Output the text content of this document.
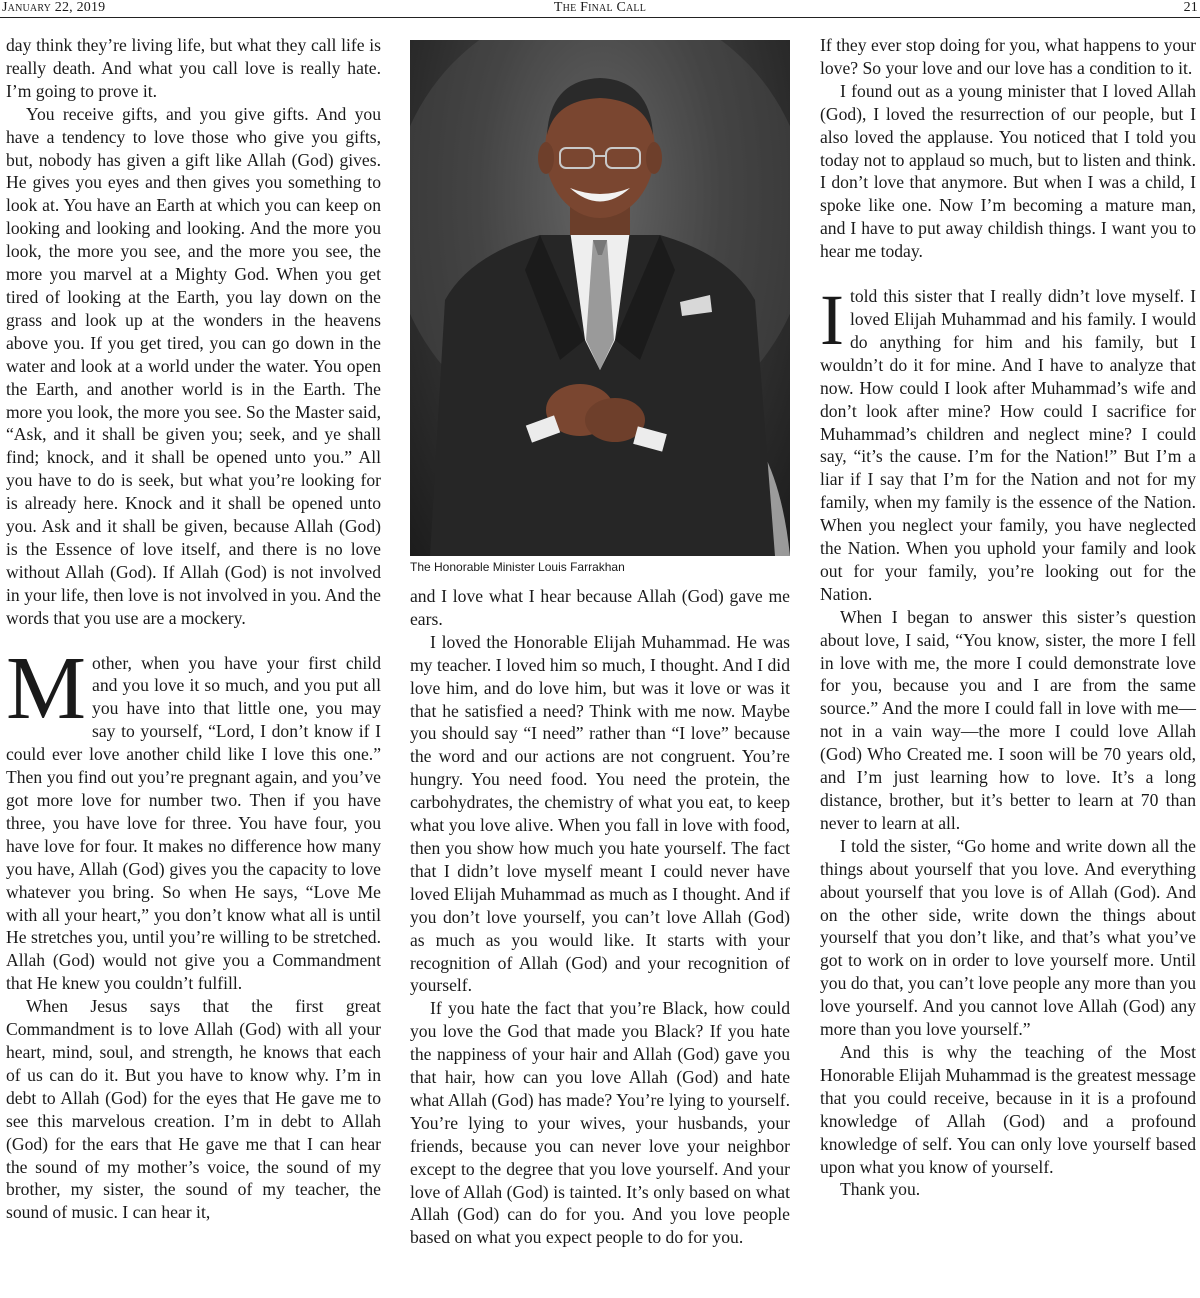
January 22, 2019	The Final Call	21

day think they’re living life, but what they call life is really death. And what you call love is really hate. I’m going to prove it.

You receive gifts, and you give gifts. And you have a tendency to love those who give you gifts, but, nobody has given a gift like Allah (God) gives. He gives you eyes and then gives you something to look at. You have an Earth at which you can keep on looking and looking and looking. And the more you look, the more you see, and the more you see, the more you marvel at a Mighty God. When you get tired of looking at the Earth, you lay down on the grass and look up at the wonders in the heavens above you. If you get tired, you can go down in the water and look at a world under the water. You open the Earth, and another world is in the Earth. The more you look, the more you see. So the Master said, “Ask, and it shall be given you; seek, and ye shall find; knock, and it shall be opened unto you.” All you have to do is seek, but what you’re looking for is already here. Knock and it shall be opened unto you. Ask and it shall be given, because Allah (God) is the Essence of love itself, and there is no love without Allah (God). If Allah (God) is not involved in your life, then love is not involved in you. And the words that you use are a mockery.

Mother, when you have your first child and you love it so much, and you put all you have into that little one, you may say to yourself, “Lord, I don’t know if I could ever love another child like I love this one.” Then you find out you’re pregnant again, and you’ve got more love for number two. Then if you have three, you have love for three. You have four, you have love for four. It makes no difference how many you have, Allah (God) gives you the capacity to love whatever you bring. So when He says, “Love Me with all your heart,” you don’t know what all is until He stretches you, until you’re willing to be stretched. Allah (God) would not give you a Commandment that He knew you couldn’t fulfill.

When Jesus says that the first great Commandment is to love Allah (God) with all your heart, mind, soul, and strength, he knows that each of us can do it. But you have to know why. I’m in debt to Allah (God) for the eyes that He gave me to see this marvelous creation. I’m in debt to Allah (God) for the ears that He gave me that I can hear the sound of my mother’s voice, the sound of my brother, my sister, the sound of my teacher, the sound of music. I can hear it,

The Honorable Minister Louis Farrakhan

and I love what I hear because Allah (God) gave me ears.

I loved the Honorable Elijah Muhammad. He was my teacher. I loved him so much, I thought. And I did love him, and do love him, but was it love or was it that he satisfied a need? Think with me now. Maybe you should say “I need” rather than “I love” because the word and our actions are not congruent. You’re hungry. You need food. You need the protein, the carbohydrates, the chemistry of what you eat, to keep what you love alive. When you fall in love with food, then you show how much you hate yourself. The fact that I didn’t love myself meant I could never have loved Elijah Muhammad as much as I thought. And if you don’t love yourself, you can’t love Allah (God) as much as you would like. It starts with your recognition of Allah (God) and your recognition of yourself.

If you hate the fact that you’re Black, how could you love the God that made you Black? If you hate the nappiness of your hair and Allah (God) gave you that hair, how can you love Allah (God) and hate what Allah (God) has made? You’re lying to yourself. You’re lying to your wives, your husbands, your friends, because you can never love your neighbor except to the degree that you love yourself. And your love of Allah (God) is tainted. It’s only based on what Allah (God) can do for you. And you love people based on what you expect people to do for you.

If they ever stop doing for you, what happens to your love? So your love and our love has a condition to it.

I found out as a young minister that I loved Allah (God), I loved the resurrection of our people, but I also loved the applause. You noticed that I told you today not to applaud so much, but to listen and think. I don’t love that anymore. But when I was a child, I spoke like one. Now I’m becoming a mature man, and I have to put away childish things. I want you to hear me today.

Itold this sister that I really didn’t love myself. I loved Elijah Muhammad and his family. I would do anything for him and his family, but I wouldn’t do it for mine. And I have to analyze that now. How could I look after Muhammad’s wife and don’t look after mine? How could I sacrifice for Muhammad’s children and neglect mine? I could say, “it’s the cause. I’m for the Nation!” But I’m a liar if I say that I’m for the Nation and not for my family, when my family is the essence of the Nation. When you neglect your family, you have neglected the Nation. When you uphold your family and look out for your family, you’re looking out for the Nation.

When I began to answer this sister’s question about love, I said, “You know, sister, the more I fell in love with me, the more I could demonstrate love for you, because you and I are from the same source.” And the more I could fall in love with me—not in a vain way—the more I could love Allah (God) Who Created me. I soon will be 70 years old, and I’m just learning how to love. It’s a long distance, brother, but it’s better to learn at 70 than never to learn at all.

I told the sister, “Go home and write down all the things about yourself that you love. And everything about yourself that you love is of Allah (God). And on the other side, write down the things about yourself that you don’t like, and that’s what you’ve got to work on in order to love yourself more. Until you do that, you can’t love people any more than you love yourself. And you cannot love Allah (God) any more than you love yourself.”

And this is why the teaching of the Most Honorable Elijah Muhammad is the greatest message that you could receive, because in it is a profound knowledge of Allah (God) and a profound knowledge of self. You can only love yourself based upon what you know of yourself.

Thank you.
